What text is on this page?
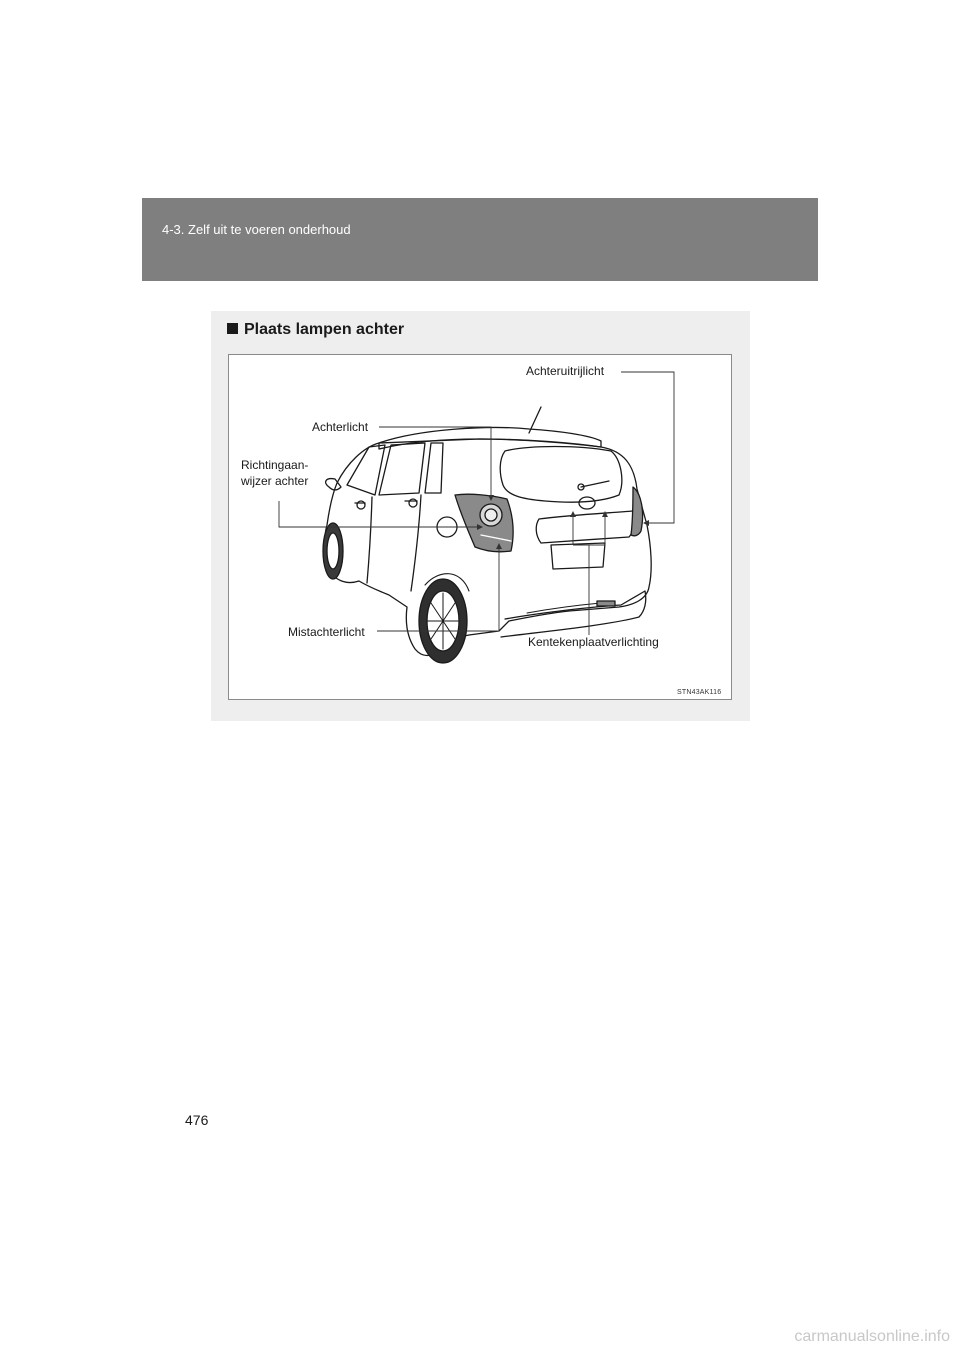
4-3. Zelf uit te voeren onderhoud
Plaats lampen achter
Achteruitrijlicht
Achterlicht
Richtingaan-
wijzer achter
Mistachterlicht
Kentekenplaatverlichting
STN43AK116
476
carmanualsonline.info
